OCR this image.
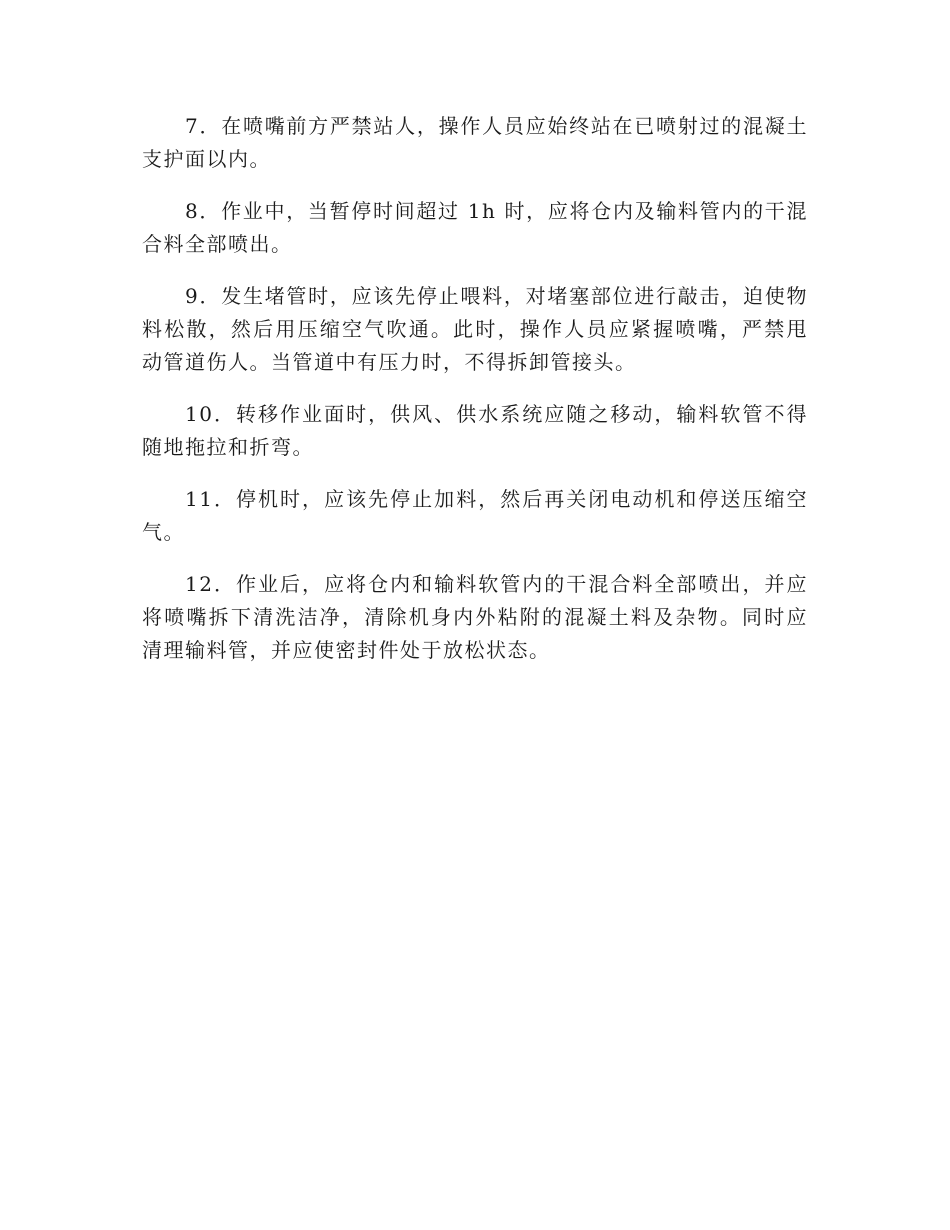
7．在喷嘴前方严禁站人，操作人员应始终站在已喷射过的混凝土支护面以内。

8．作业中，当暂停时间超过 1h 时，应将仓内及输料管内的干混合料全部喷出。

9．发生堵管时，应该先停止喂料，对堵塞部位进行敲击，迫使物料松散，然后用压缩空气吹通。此时，操作人员应紧握喷嘴，严禁甩动管道伤人。当管道中有压力时，不得拆卸管接头。

10．转移作业面时，供风、供水系统应随之移动，输料软管不得随地拖拉和折弯。

11．停机时，应该先停止加料，然后再关闭电动机和停送压缩空气。

12．作业后，应将仓内和输料软管内的干混合料全部喷出，并应将喷嘴拆下清洗洁净，清除机身内外粘附的混凝土料及杂物。同时应清理输料管，并应使密封件处于放松状态。
